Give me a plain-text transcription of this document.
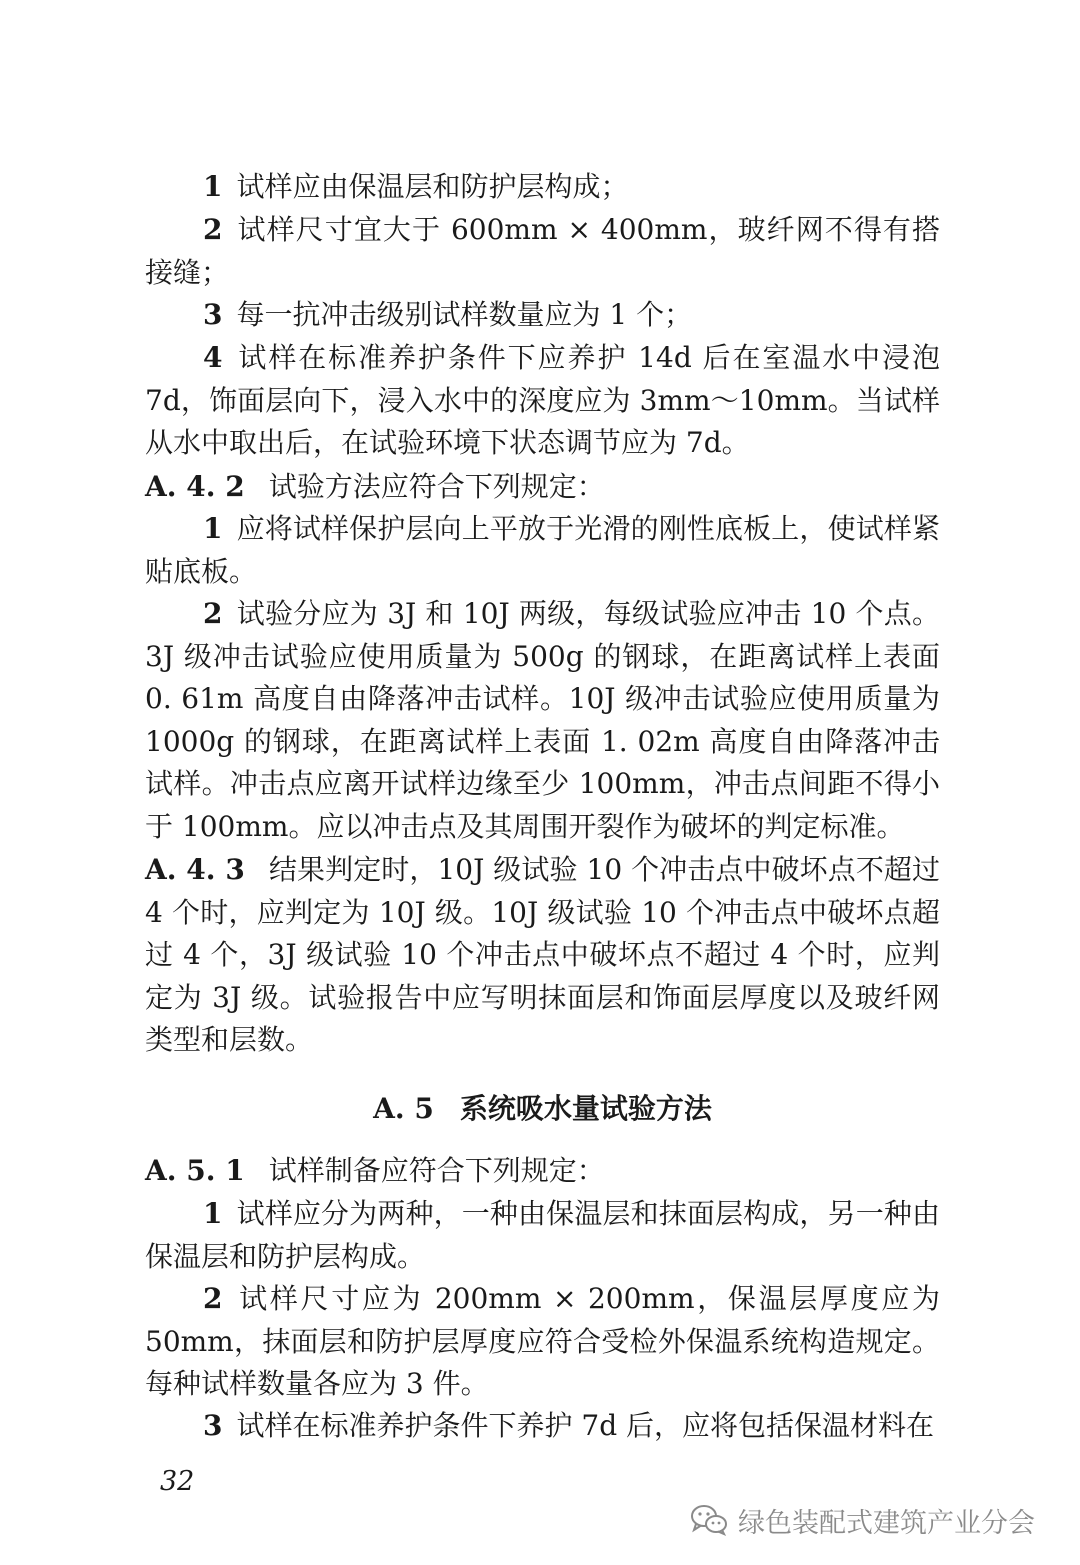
1 试样应由保温层和防护层构成；

2 试样尺寸宜大于 600mm × 400mm，玻纤网不得有搭接缝；

3 每一抗冲击级别试样数量应为 1 个；

4 试样在标准养护条件下应养护 14d 后在室温水中浸泡 7d，饰面层向下，浸入水中的深度应为 3mm～10mm。当试样从水中取出后，在试验环境下状态调节应为 7d。

A. 4. 2 试验方法应符合下列规定：

1 应将试样保护层向上平放于光滑的刚性底板上，使试样紧贴底板。

2 试验分应为 3J 和 10J 两级，每级试验应冲击 10 个点。3J 级冲击试验应使用质量为 500g 的钢球，在距离试样上表面 0. 61m 高度自由降落冲击试样。10J 级冲击试验应使用质量为 1000g 的钢球，在距离试样上表面 1. 02m 高度自由降落冲击试样。冲击点应离开试样边缘至少 100mm，冲击点间距不得小于 100mm。应以冲击点及其周围开裂作为破坏的判定标准。

A. 4. 3 结果判定时，10J 级试验 10 个冲击点中破坏点不超过 4 个时，应判定为 10J 级。10J 级试验 10 个冲击点中破坏点超过 4 个，3J 级试验 10 个冲击点中破坏点不超过 4 个时，应判定为 3J 级。试验报告中应写明抹面层和饰面层厚度以及玻纤网类型和层数。

A. 5 系统吸水量试验方法

A. 5. 1 试样制备应符合下列规定：

1 试样应分为两种，一种由保温层和抹面层构成，另一种由保温层和防护层构成。

2 试样尺寸应为 200mm × 200mm，保温层厚度应为 50mm，抹面层和防护层厚度应符合受检外保温系统构造规定。每种试样数量各应为 3 件。

3 试样在标准养护条件下养护 7d 后，应将包括保温材料在

32
绿色装配式建筑产业分会
